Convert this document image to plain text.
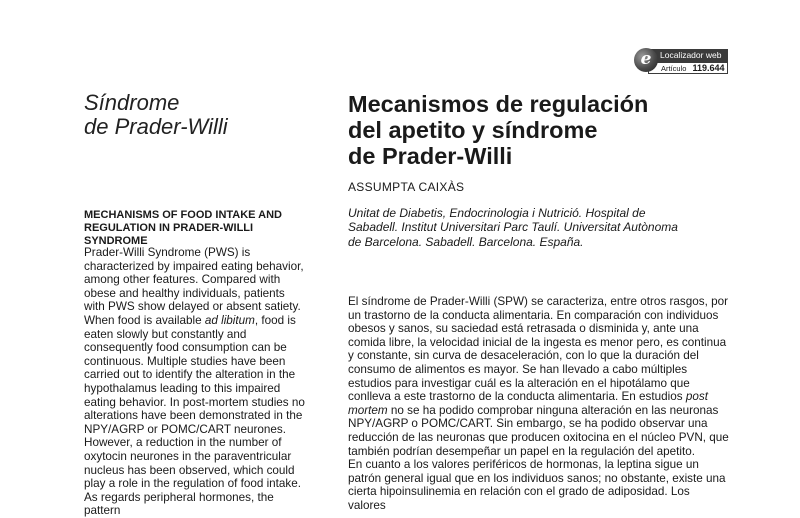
e	Localizador web
Artículo 119.644
Síndrome
de Prader-Willi
MECHANISMS OF FOOD INTAKE AND
REGULATION IN PRADER-WILLI SYNDROME

Prader-Willi Syndrome (PWS) is characterized by impaired eating behavior, among other features. Compared with obese and healthy individuals, patients with PWS show delayed or absent satiety. When food is available ad libitum, food is eaten slowly but constantly and consequently food consumption can be continuous. Multiple studies have been carried out to identify the alteration in the hypothalamus leading to this impaired eating behavior. In post-mortem studies no alterations have been demonstrated in the NPY/AGRP or POMC/CART neurones. However, a reduction in the number of oxytocin neurones in the paraventricular nucleus has been observed, which could play a role in the regulation of food intake. As regards peripheral hormones, the pattern

Mecanismos de regulación
del apetito y síndrome
de Prader-Willi
ASSUMPTA CAIXÀS
Unitat de Diabetis, Endocrinologia i Nutrició. Hospital de Sabadell. Institut Universitari Parc Taulí. Universitat Autònoma de Barcelona. Sabadell. Barcelona. España.

El síndrome de Prader-Willi (SPW) se caracteriza, entre otros rasgos, por un trastorno de la conducta alimentaria. En comparación con individuos obesos y sanos, su saciedad está retrasada o disminida y, ante una comida libre, la velocidad inicial de la ingesta es menor pero, es continua y constante, sin curva de desaceleración, con lo que la duración del consumo de alimentos es mayor. Se han llevado a cabo múltiples estudios para investigar cuál es la alteración en el hipotálamo que conlleva a este trastorno de la conducta alimentaria. En estudios post mortem no se ha podido comprobar ninguna alteración en las neuronas NPY/AGRP o POMC/CART. Sin embargo, se ha podido observar una reducción de las neuronas que producen oxitocina en el núcleo PVN, que también podrían desempeñar un papel en la regulación del apetito.

En cuanto a los valores periféricos de hormonas, la leptina sigue un patrón general igual que en los individuos sanos; no obstante, existe una cierta hipoinsulinemia en relación con el grado de adiposidad. Los valores
